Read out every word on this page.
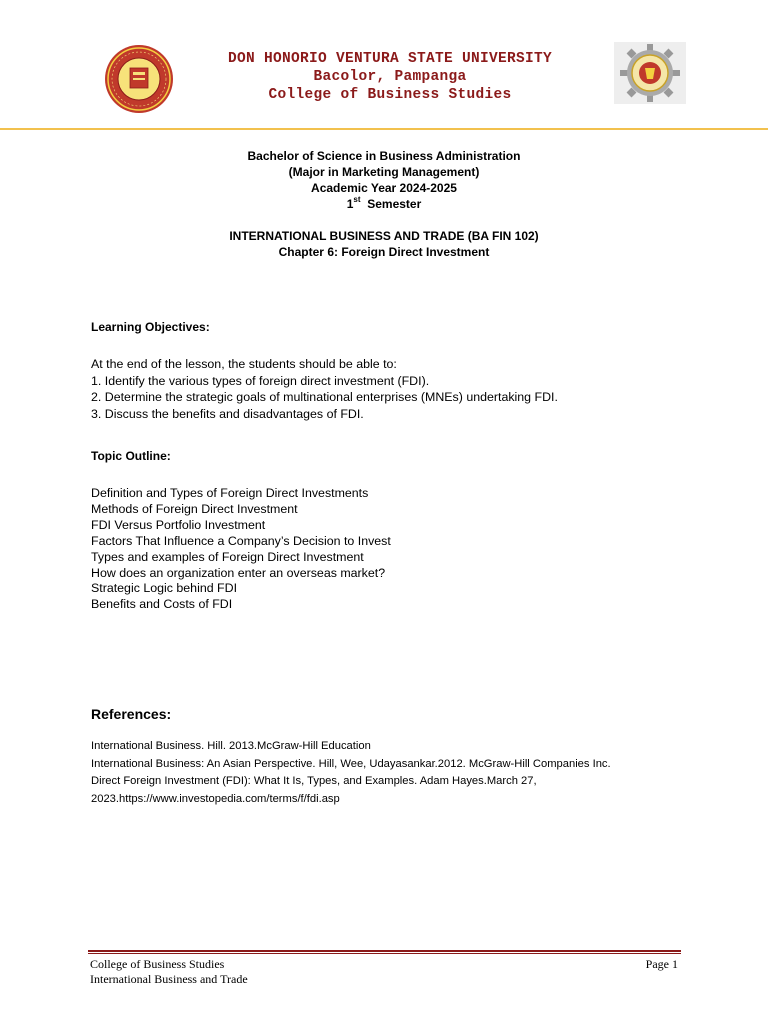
DON HONORIO VENTURA STATE UNIVERSITY
Bacolor, Pampanga
College of Business Studies
Bachelor of Science in Business Administration
(Major in Marketing Management)
Academic Year 2024-2025
1st Semester
INTERNATIONAL BUSINESS AND TRADE (BA FIN 102)
Chapter 6: Foreign Direct Investment
Learning Objectives:
At the end of the lesson, the students should be able to:
1. Identify the various types of foreign direct investment (FDI).
2. Determine the strategic goals of multinational enterprises (MNEs) undertaking FDI.
3. Discuss the benefits and disadvantages of FDI.
Topic Outline:
Definition and Types of Foreign Direct Investments
Methods of Foreign Direct Investment
FDI Versus Portfolio Investment
Factors That Influence a Company’s Decision to Invest
Types and examples of Foreign Direct Investment
How does an organization enter an overseas market?
Strategic Logic behind FDI
Benefits and Costs of FDI
References:
International Business. Hill. 2013.McGraw-Hill Education
International Business: An Asian Perspective. Hill, Wee, Udayasankar.2012. McGraw-Hill Companies Inc.
Direct Foreign Investment (FDI): What It Is, Types, and Examples. Adam Hayes.March 27,
2023.https://www.investopedia.com/terms/f/fdi.asp
College of Business Studies
International Business and Trade
Page 1
